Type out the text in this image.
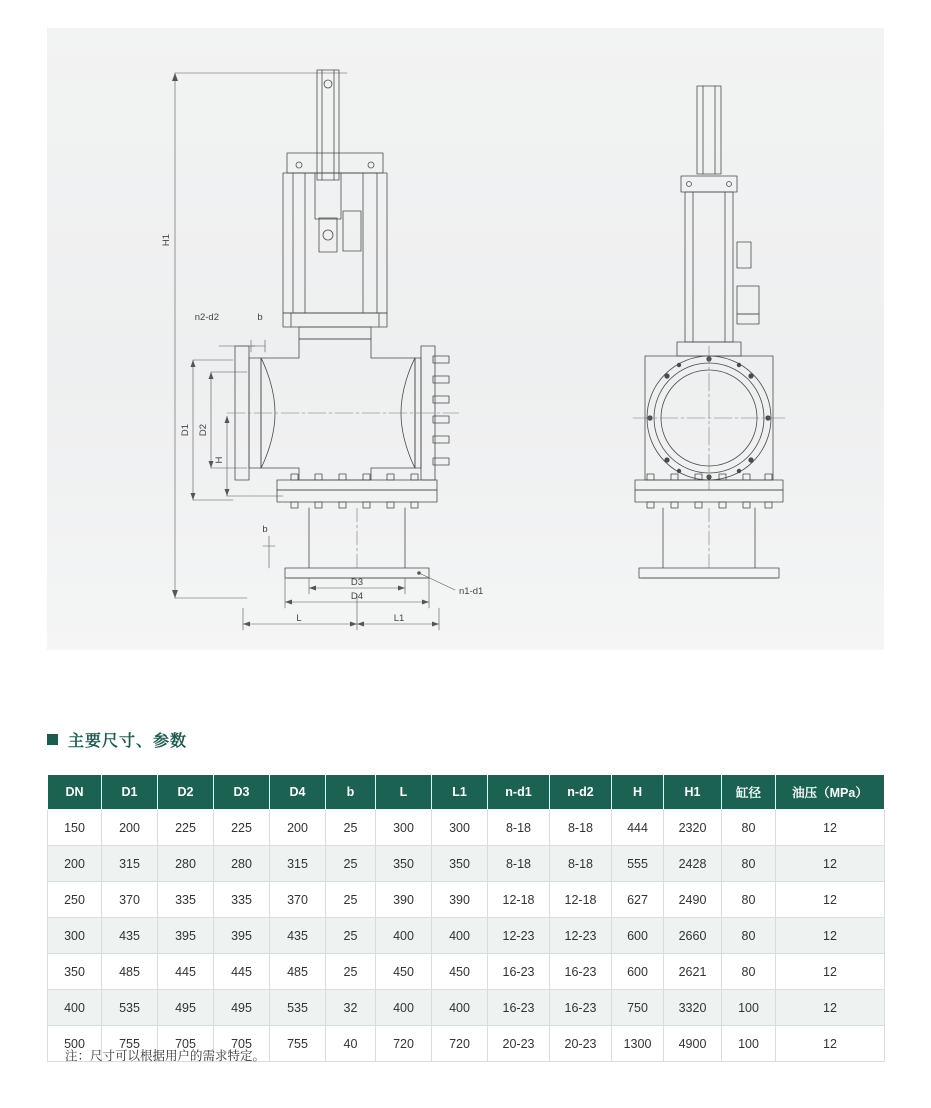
H1
n2-d2	b
D1 D2
H
b
D3
D4	n1-d1
L	L1
主要尺寸、参数
DN	D1	D2	D3	D4	b	L	L1	n-d1	n-d2	H	H1	缸径	油压（MPa）
150	200	225	225	200	25	300	300	8-18	8-18	444	2320	80	12
200	315	280	280	315	25	350	350	8-18	8-18	555	2428	80	12
250	370	335	335	370	25	390	390	12-18	12-18	627	2490	80	12
300	435	395	395	435	25	400	400	12-23	12-23	600	2660	80	12
350	485	445	445	485	25	450	450	16-23	16-23	600	2621	80	12
400	535	495	495	535	32	400	400	16-23	16-23	750	3320	100	12
500	755	705	705	755	40	720	720	20-23	20-23	1300	4900	100	12
注：尺寸可以根据用户的需求特定。
